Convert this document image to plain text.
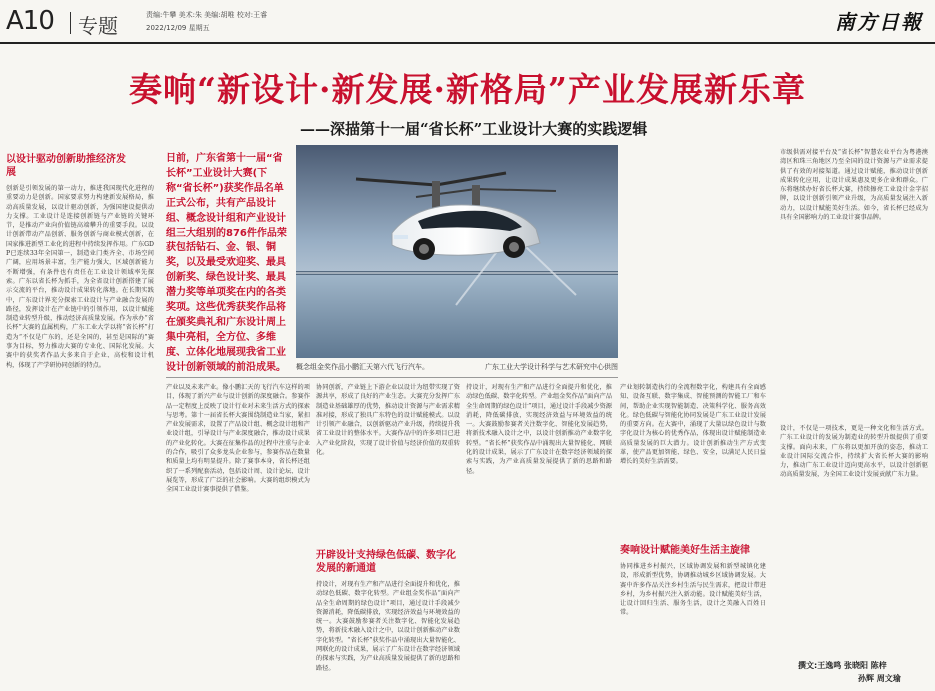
A10 专题	责编:牛攀 美术:朱 美编:胡唯 校对:王睿
2022/12/09 星期五	南方日報
奏响“新设计·新发展·新格局”产业发展新乐章
——深描第十一届“省长杯”工业设计大赛的实践逻辑
以设计驱动创新助推经济发展
创新是引领发展的第一动力，推进我国现代化进程的重要动力是创新。国家要求努力构建新发展格局，推动高质量发展，以设计驱动创新，为强国建设提供动力支撑。工业设计是连接创新链与产业链的关键环节，是推动产业向价值链高端攀升的重要手段。以设计创新带动产品创新、服务创新与商业模式创新，在国家推进新型工业化的进程中持续发挥作用。广东GDP已连续33年全国第一，制造业门类齐全、市场空间广阔，应用场景丰富，生产能力强大，区域创新能力不断增强，有条件也有责任在工业设计领域率先探索。广东以省长杯为抓手，为全省设计创新搭建了展示交流的平台，推动设计成果转化落地。在长期实践中，广东设计界充分探索工业设计与产业融合发展的路径，发挥设计在产业链中的引领作用，以设计赋能制造业转型升级，推动经济高质量发展。作为承办“省长杯”大赛的直属机构，广东工业大学以将“省长杯”打造为“不仅是广东的，还是全国的，甚至是国际的”赛事为目标，努力推动大赛的专业化、国际化发展。大赛中的获奖者作品大多来自于企业、高校和设计机构，体现了产学研协同创新的特点。
日前，广东省第十一届“省长杯”工业设计大赛(下称“省长杯”)获奖作品名单正式公布，共有产品设计组、概念设计组和产业设计组三大组别的876件作品荣获包括钻石、金、银、铜奖，以及最受欢迎奖、最具创新奖、绿色设计奖、最具潜力奖等单项奖在内的各类奖项。这些优秀获奖作品将在颁奖典礼和广东设计周上集中亮相，全方位、多维度、立体化地展现我省工业设计创新领域的前沿成果。	概念组金奖作品小鹏汇天第六代飞行汽车。	广东工业大学设计科学与艺术研究中心供图
产业以及未来产业。像小鹏汇天的飞行汽车这样的项目，体现了新兴产业与设计创新的深度融合。参赛作品一定程度上反映了设计行业对未来生活方式的探索与思考。第十一届省长杯大赛围绕制造业当家，紧扣产业发展需求，设置了产品设计组、概念设计组和产业设计组，引导设计与产业深度融合，推动设计成果的产业化转化。大赛在征集作品的过程中注重与企业的合作，吸引了众多龙头企业参与，参赛作品在数量和质量上均有明显提升。除了赛事本身，省长杯还组织了一系列配套活动，包括设计周、设计论坛、设计展览等，形成了广泛的社会影响。大赛的组织模式为全国工业设计赛事提供了借鉴。
协同创新，产业链上下游企业以设计为纽带实现了资源共享，形成了良好的产业生态。大赛充分发挥广东制造业基础雄厚的优势，推动设计资源与产业需求精准对接，形成了独具广东特色的设计赋能模式。以设计引领产业融合，以创新驱动产业升级，持续提升我省工业设计的整体水平。大赛作品中的许多项目已进入产业化阶段，实现了设计价值与经济价值的双重转化。
开辟设计支持绿色低碳、数字化发展的新通道
持设计，对现有生产和产品进行全面提升和优化，推动绿色低碳、数字化转型。产业组金奖作品“面向产品全生命周期的绿色设计”项目，通过设计手段减少资源消耗，降低碳排放，实现经济效益与环境效益的统一。大赛鼓励参赛者关注数字化、智能化发展趋势，将新技术融入设计之中，以设计创新推动产业数字化转型。“省长杯”获奖作品中涌现出大量智能化、网联化的设计成果，展示了广东设计在数字经济领域的探索与实践，为产业高质量发展提供了新的思路和路径。
持设计，对现有生产和产品进行全面提升和优化，推动绿色低碳、数字化转型。产业组金奖作品“面向产品全生命周期的绿色设计”项目，通过设计手段减少资源消耗，降低碳排放，实现经济效益与环境效益的统一。大赛鼓励参赛者关注数字化、智能化发展趋势，将新技术融入设计之中，以设计创新推动产业数字化转型。“省长杯”获奖作品中涌现出大量智能化、网联化的设计成果，展示了广东设计在数字经济领域的探索与实践，为产业高质量发展提供了新的思路和路径。
产业划转制造执行的全流程数字化，构建具有全面感知、设备互联、数字集成、智能预测的智能工厂和车间，帮助企业实现智能制造、决策科学化、服务高效化。绿色低碳与智能化协同发展是广东工业设计发展的重要方向。在大赛中，涌现了大量以绿色设计与数字化设计为核心的优秀作品，体现出设计赋能制造业高质量发展的巨大潜力。设计创新推动生产方式变革，使产品更加智能、绿色、安全，以满足人民日益增长的美好生活需要。
奏响设计赋能美好生活主旋律
协同推进乡村振兴，区域协调发展和新型城镇化建设，形成新型优势，协调推动城乡区域协调发展。大赛中许多作品关注乡村生活与民生需求，把设计带进乡村，为乡村振兴注入新动能。设计赋能美好生活，让设计回归生活、服务生活，设计之美融入百姓日常。
市级供需对接平台及“省长杯”智慧农业平台为粤港澳湾区和珠三角地区乃至全国的设计资源与产业需求提供了有效的对接渠道。通过设计赋能，推动设计创新成果转化应用，让设计成果惠及更多企业和群众。广东将继续办好省长杯大赛，持续擦亮工业设计金字招牌，以设计创新引领产业升级，为高质量发展注入新动力，以设计赋能美好生活。如今，省长杯已经成为具有全国影响力的工业设计赛事品牌。
设计，不仅是一项技术，更是一种文化和生活方式。广东工业设计的发展为制造业的转型升级提供了重要支撑。面向未来，广东将以更加开放的姿态，推动工业设计国际交流合作，持续扩大省长杯大赛的影响力，推动广东工业设计迈向更高水平，以设计创新驱动高质量发展，为全国工业设计发展贡献广东力量。
撰文:王逸鸣 张晓阳 陈梓
孙辉 周文瑜
